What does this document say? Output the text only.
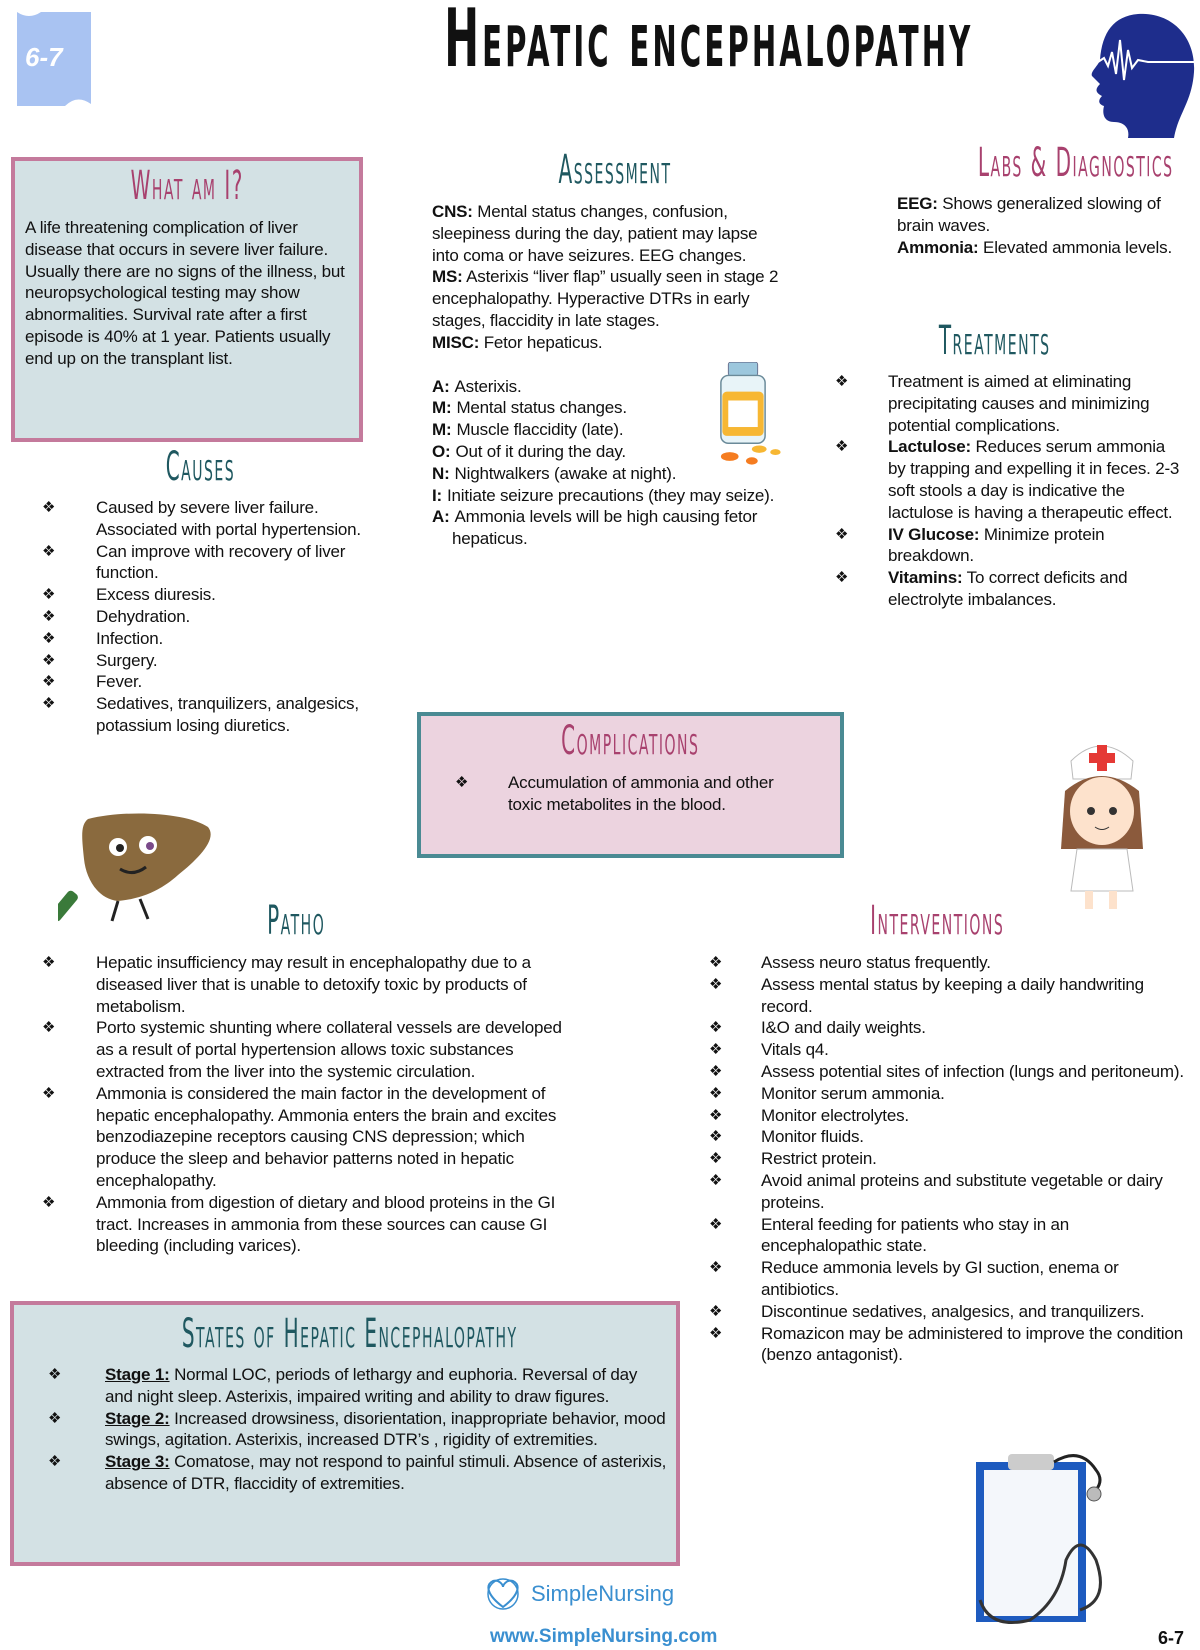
6-7	Hepatic encephalopathy
What am I?

A life threatening complication of liver disease that occurs in severe liver failure. Usually there are no signs of the illness, but neuropsychological testing may show abnormalities. Survival rate after a first episode is 40% at 1 year. Patients usually end up on the transplant list.

Assessment
CNS: Mental status changes, confusion, sleepiness during the day, patient may lapse into coma or have seizures. EEG changes.
MS: Asterixis “liver flap” usually seen in stage 2 encephalopathy. Hyperactive DTRs in early stages, flaccidity in late stages.
MISC: Fetor hepaticus.
A: Asterixis.
M: Mental status changes.
M: Muscle flaccidity (late).
O: Out of it during the day.
N: Nightwalkers (awake at night).
I: Initiate seizure precautions (they may seize).
A: Ammonia levels will be high causing fetor hepaticus.
Labs & Diagnostics
EEG: Shows generalized slowing of brain waves.
Ammonia: Elevated ammonia levels.
Treatments
❖ Treatment is aimed at eliminating precipitating causes and minimizing potential complications.
❖ Lactulose: Reduces serum ammonia by trapping and expelling it in feces. 2-3 soft stools a day is indicative the lactulose is having a therapeutic effect.
❖ IV Glucose: Minimize protein breakdown.
❖ Vitamins: To correct deficits and electrolyte imbalances.
Causes
❖ Caused by severe liver failure. Associated with portal hypertension.
❖ Can improve with recovery of liver function.
❖ Excess diuresis.
❖ Dehydration.
❖ Infection.
❖ Surgery.
❖ Fever.
❖ Sedatives, tranquilizers, analgesics, potassium losing diuretics.	Complications
❖ Accumulation of ammonia and other toxic metabolites in the blood.
Patho
❖ Hepatic insufficiency may result in encephalopathy due to a diseased liver that is unable to detoxify toxic by products of metabolism.
❖ Porto systemic shunting where collateral vessels are developed as a result of portal hypertension allows toxic substances extracted from the liver into the systemic circulation.
❖ Ammonia is considered the main factor in the development of hepatic encephalopathy. Ammonia enters the brain and excites benzodiazepine receptors causing CNS depression; which produce the sleep and behavior patterns noted in hepatic encephalopathy.
❖ Ammonia from digestion of dietary and blood proteins in the GI tract. Increases in ammonia from these sources can cause GI bleeding (including varices).
Interventions
❖ Assess neuro status frequently.
❖ Assess mental status by keeping a daily handwriting record.
❖ I&O and daily weights.
❖ Vitals q4.
❖ Assess potential sites of infection (lungs and peritoneum).
❖ Monitor serum ammonia.
❖ Monitor electrolytes.
❖ Monitor fluids.
❖ Restrict protein.
❖ Avoid animal proteins and substitute vegetable or dairy proteins.
❖ Enteral feeding for patients who stay in an encephalopathic state.
❖ Reduce ammonia levels by GI suction, enema or antibiotics.
❖ Discontinue sedatives, analgesics, and tranquilizers.
❖ Romazicon may be administered to improve the condition (benzo antagonist).
States of Hepatic Encephalopathy
❖	Stage 1: Normal LOC, periods of lethargy and euphoria. Reversal of day and night sleep. Asterixis, impaired writing and ability to draw figures.
❖	Stage 2: Increased drowsiness, disorientation, inappropriate behavior, mood swings, agitation. Asterixis, increased DTR’s , rigidity of extremities.
❖	Stage 3: Comatose, may not respond to painful stimuli. Absence of asterixis, absence of DTR, flaccidity of extremities.
SimpleNursing
www.SimpleNursing.com	6-7
